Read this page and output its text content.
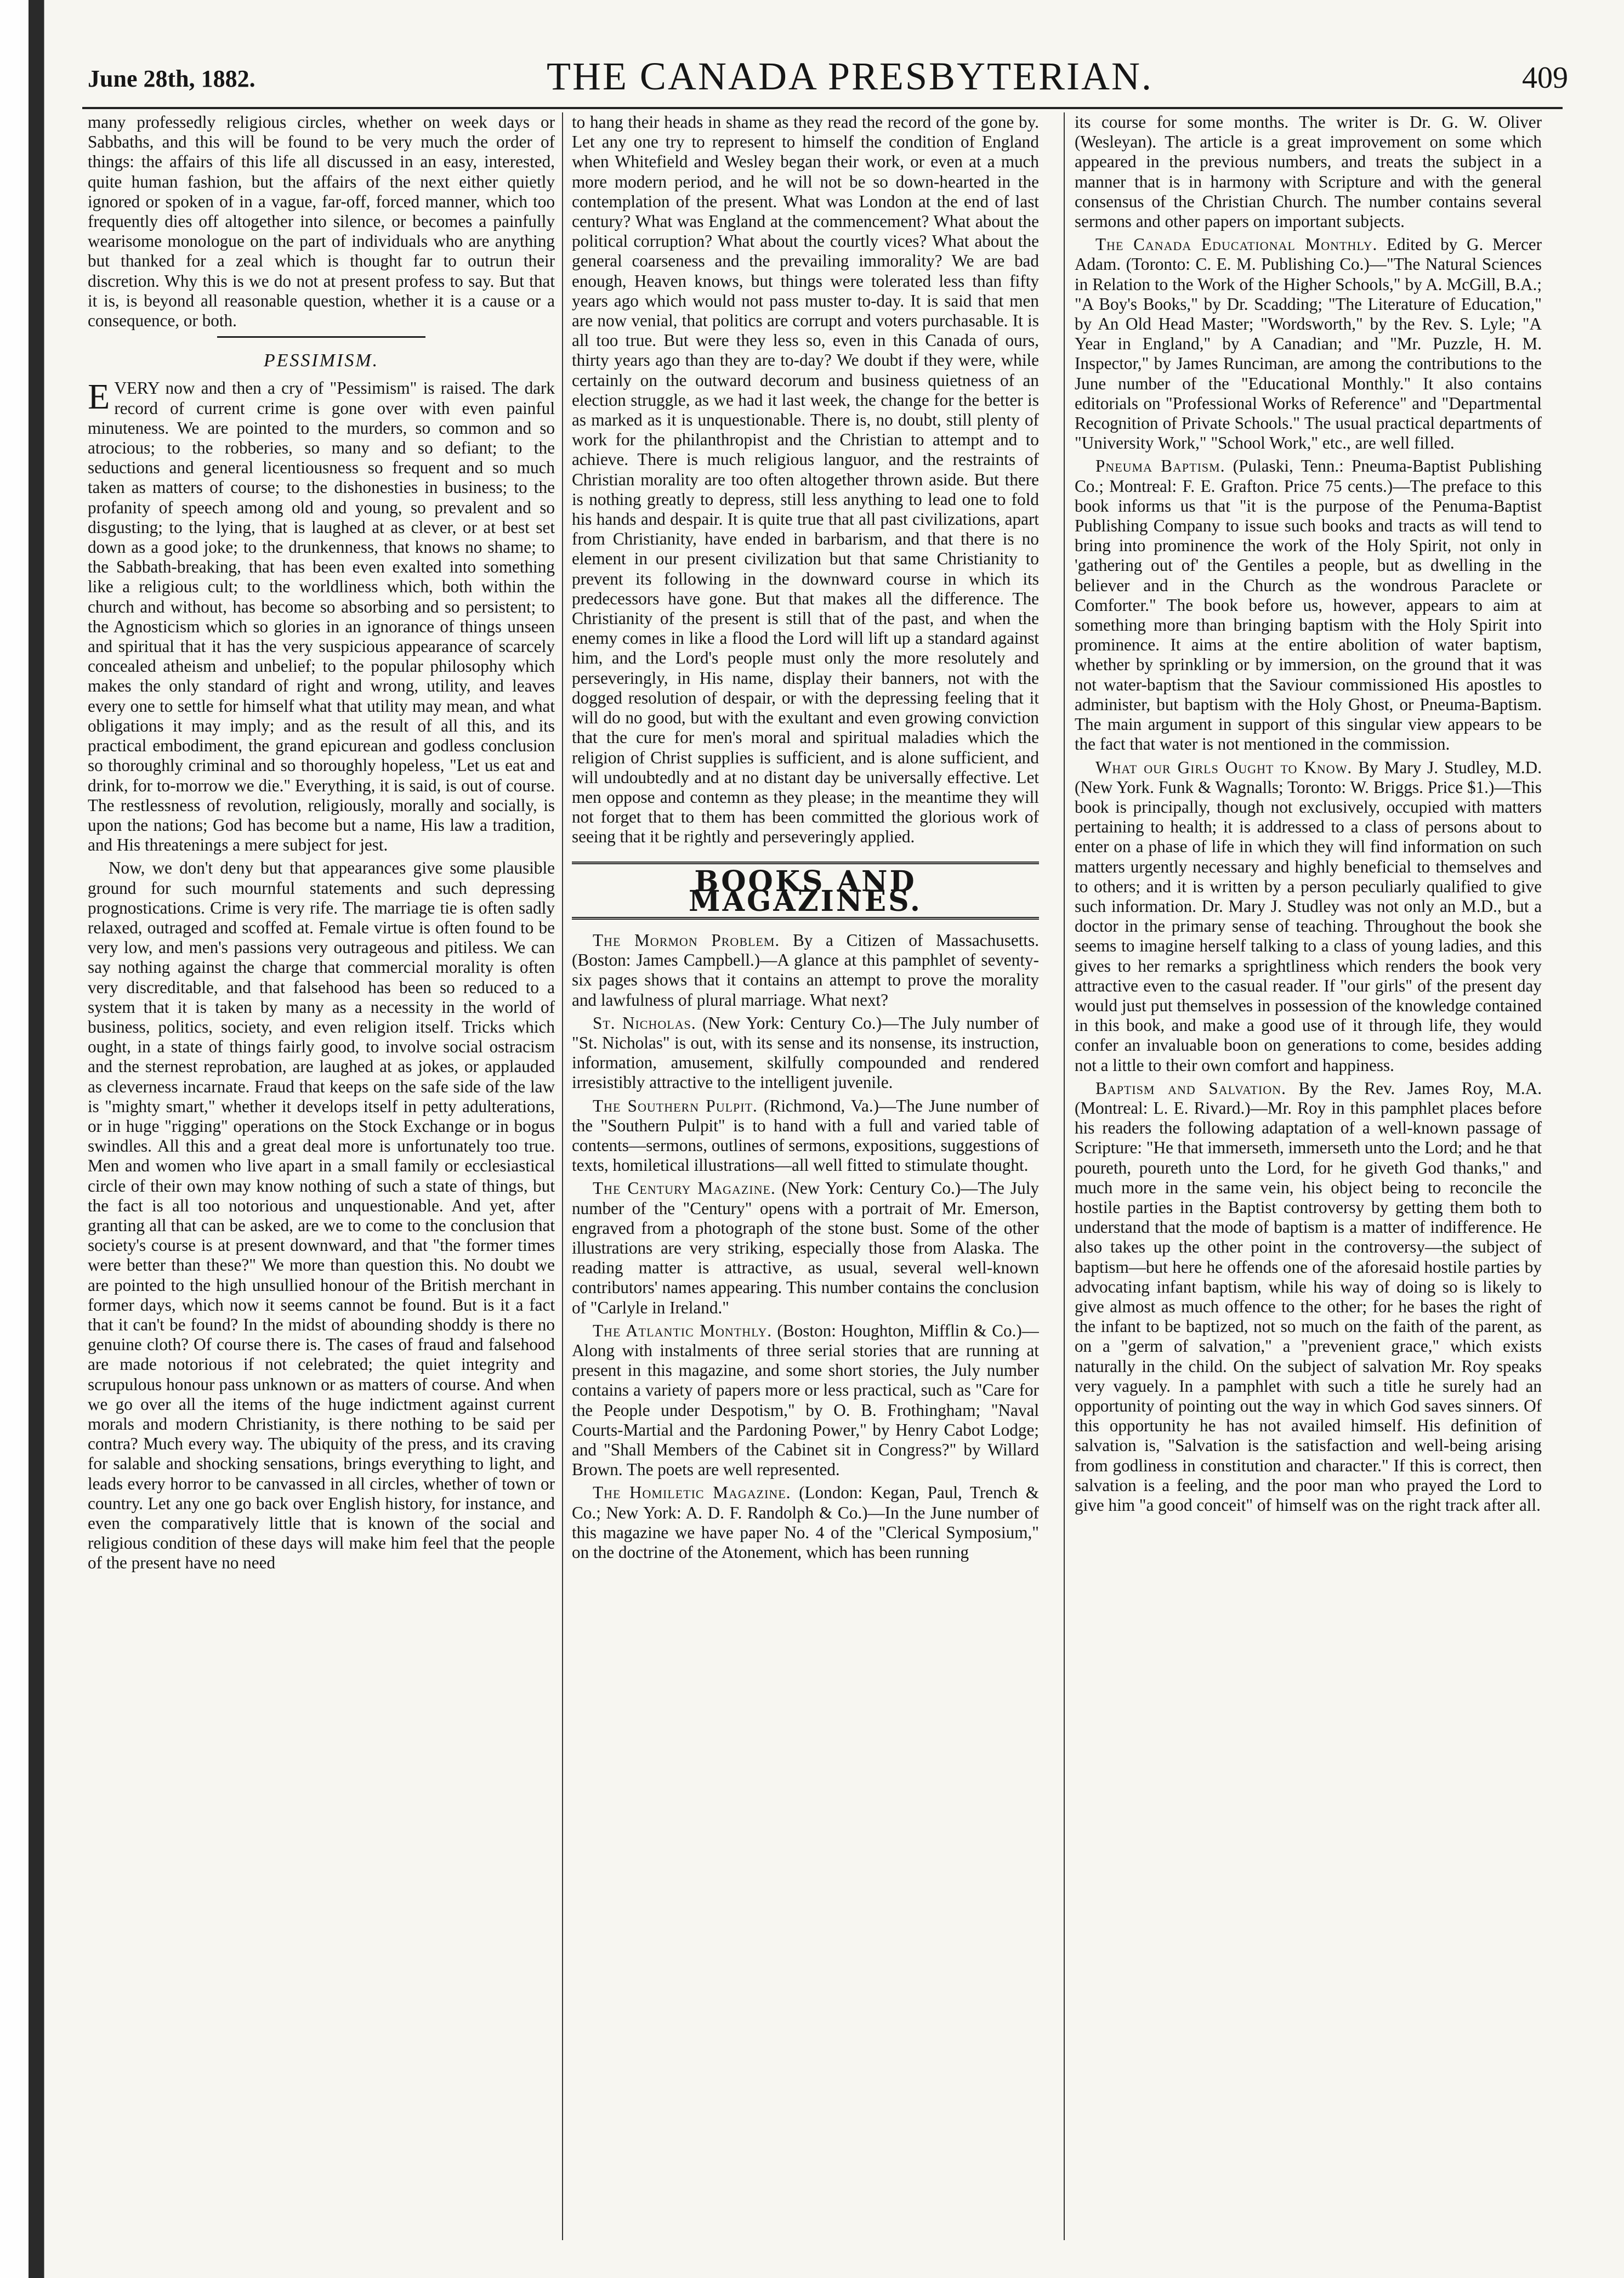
June 28th, 1882.	THE CANADA PRESBYTERIAN.	409

many professedly religious circles, whether on week days or Sabbaths, and this will be found to be very much the order of things: the affairs of this life all discussed in an easy, interested, quite human fashion, but the affairs of the next either quietly ignored or spoken of in a vague, far-off, forced manner, which too frequently dies off altogether into silence, or becomes a painfully wearisome monologue on the part of individuals who are anything but thanked for a zeal which is thought far to outrun their discretion. Why this is we do not at present profess to say. But that it is, is beyond all reasonable question, whether it is a cause or a consequence, or both.

PESSIMISM.

EVERY now and then a cry of "Pessimism" is raised. The dark record of current crime is gone over with even painful minuteness. We are pointed to the murders, so common and so atrocious; to the robberies, so many and so defiant; to the seductions and general licentiousness so frequent and so much taken as matters of course; to the dishonesties in business; to the profanity of speech among old and young, so prevalent and so disgusting; to the lying, that is laughed at as clever, or at best set down as a good joke; to the drunkenness, that knows no shame; to the Sabbath-breaking, that has been even exalted into something like a religious cult; to the worldliness which, both within the church and without, has become so absorbing and so persistent; to the Agnosticism which so glories in an ignorance of things unseen and spiritual that it has the very suspicious appearance of scarcely concealed atheism and unbelief; to the popular philosophy which makes the only standard of right and wrong, utility, and leaves every one to settle for himself what that utility may mean, and what obligations it may imply; and as the result of all this, and its practical embodiment, the grand epicurean and godless conclusion so thoroughly criminal and so thoroughly hopeless, "Let us eat and drink, for to-morrow we die." Everything, it is said, is out of course. The restlessness of revolution, religiously, morally and socially, is upon the nations; God has become but a name, His law a tradition, and His threatenings a mere subject for jest.

Now, we don't deny but that appearances give some plausible ground for such mournful statements and such depressing prognostications. Crime is very rife. The marriage tie is often sadly relaxed, outraged and scoffed at. Female virtue is often found to be very low, and men's passions very outrageous and pitiless. We can say nothing against the charge that commercial morality is often very discreditable, and that falsehood has been so reduced to a system that it is taken by many as a necessity in the world of business, politics, society, and even religion itself. Tricks which ought, in a state of things fairly good, to involve social ostracism and the sternest reprobation, are laughed at as jokes, or applauded as cleverness incarnate. Fraud that keeps on the safe side of the law is "mighty smart," whether it develops itself in petty adulterations, or in huge "rigging" operations on the Stock Exchange or in bogus swindles. All this and a great deal more is unfortunately too true. Men and women who live apart in a small family or ecclesiastical circle of their own may know nothing of such a state of things, but the fact is all too notorious and unquestionable. And yet, after granting all that can be asked, are we to come to the conclusion that society's course is at present downward, and that "the former times were better than these?" We more than question this. No doubt we are pointed to the high unsullied honour of the British merchant in former days, which now it seems cannot be found. But is it a fact that it can't be found? In the midst of abounding shoddy is there no genuine cloth? Of course there is. The cases of fraud and falsehood are made notorious if not celebrated; the quiet integrity and scrupulous honour pass unknown or as matters of course. And when we go over all the items of the huge indictment against current morals and modern Christianity, is there nothing to be said per contra? Much every way. The ubiquity of the press, and its craving for salable and shocking sensations, brings everything to light, and leads every horror to be canvassed in all circles, whether of town or country. Let any one go back over English history, for instance, and even the comparatively little that is known of the social and religious condition of these days will make him feel that the people of the present have no need

to hang their heads in shame as they read the record of the gone by. Let any one try to represent to himself the condition of England when Whitefield and Wesley began their work, or even at a much more modern period, and he will not be so down-hearted in the contemplation of the present. What was London at the end of last century? What was England at the commencement? What about the political corruption? What about the courtly vices? What about the general coarseness and the prevailing immorality? We are bad enough, Heaven knows, but things were tolerated less than fifty years ago which would not pass muster to-day. It is said that men are now venial, that politics are corrupt and voters purchasable. It is all too true. But were they less so, even in this Canada of ours, thirty years ago than they are to-day? We doubt if they were, while certainly on the outward decorum and business quietness of an election struggle, as we had it last week, the change for the better is as marked as it is unquestionable. There is, no doubt, still plenty of work for the philanthropist and the Christian to attempt and to achieve. There is much religious languor, and the restraints of Christian morality are too often altogether thrown aside. But there is nothing greatly to depress, still less anything to lead one to fold his hands and despair. It is quite true that all past civilizations, apart from Christianity, have ended in barbarism, and that there is no element in our present civilization but that same Christianity to prevent its following in the downward course in which its predecessors have gone. But that makes all the difference. The Christianity of the present is still that of the past, and when the enemy comes in like a flood the Lord will lift up a standard against him, and the Lord's people must only the more resolutely and perseveringly, in His name, display their banners, not with the dogged resolution of despair, or with the depressing feeling that it will do no good, but with the exultant and even growing conviction that the cure for men's moral and spiritual maladies which the religion of Christ supplies is sufficient, and is alone sufficient, and will undoubtedly and at no distant day be universally effective. Let men oppose and contemn as they please; in the meantime they will not forget that to them has been committed the glorious work of seeing that it be rightly and perseveringly applied.

BOOKS AND MAGAZINES.

The Mormon Problem. By a Citizen of Massachusetts. (Boston: James Campbell.)—A glance at this pamphlet of seventy-six pages shows that it contains an attempt to prove the morality and lawfulness of plural marriage. What next?

St. Nicholas. (New York: Century Co.)—The July number of "St. Nicholas" is out, with its sense and its nonsense, its instruction, information, amusement, skilfully compounded and rendered irresistibly attractive to the intelligent juvenile.

The Southern Pulpit. (Richmond, Va.)—The June number of the "Southern Pulpit" is to hand with a full and varied table of contents—sermons, outlines of sermons, expositions, suggestions of texts, homiletical illustrations—all well fitted to stimulate thought.

The Century Magazine. (New York: Century Co.)—The July number of the "Century" opens with a portrait of Mr. Emerson, engraved from a photograph of the stone bust. Some of the other illustrations are very striking, especially those from Alaska. The reading matter is attractive, as usual, several well-known contributors' names appearing. This number contains the conclusion of "Carlyle in Ireland."

The Atlantic Monthly. (Boston: Houghton, Mifflin & Co.)—Along with instalments of three serial stories that are running at present in this magazine, and some short stories, the July number contains a variety of papers more or less practical, such as "Care for the People under Despotism," by O. B. Frothingham; "Naval Courts-Martial and the Pardoning Power," by Henry Cabot Lodge; and "Shall Members of the Cabinet sit in Congress?" by Willard Brown. The poets are well represented.

The Homiletic Magazine. (London: Kegan, Paul, Trench & Co.; New York: A. D. F. Randolph & Co.)—In the June number of this magazine we have paper No. 4 of the "Clerical Symposium," on the doctrine of the Atonement, which has been running

its course for some months. The writer is Dr. G. W. Oliver (Wesleyan). The article is a great improvement on some which appeared in the previous numbers, and treats the subject in a manner that is in harmony with Scripture and with the general consensus of the Christian Church. The number contains several sermons and other papers on important subjects.

The Canada Educational Monthly. Edited by G. Mercer Adam. (Toronto: C. E. M. Publishing Co.)—"The Natural Sciences in Relation to the Work of the Higher Schools," by A. McGill, B.A.; "A Boy's Books," by Dr. Scadding; "The Literature of Education," by An Old Head Master; "Wordsworth," by the Rev. S. Lyle; "A Year in England," by A Canadian; and "Mr. Puzzle, H. M. Inspector," by James Runciman, are among the contributions to the June number of the "Educational Monthly." It also contains editorials on "Professional Works of Reference" and "Departmental Recognition of Private Schools." The usual practical departments of "University Work," "School Work," etc., are well filled.

Pneuma Baptism. (Pulaski, Tenn.: Pneuma-Baptist Publishing Co.; Montreal: F. E. Grafton. Price 75 cents.)—The preface to this book informs us that "it is the purpose of the Penuma-Baptist Publishing Company to issue such books and tracts as will tend to bring into prominence the work of the Holy Spirit, not only in 'gathering out of' the Gentiles a people, but as dwelling in the believer and in the Church as the wondrous Paraclete or Comforter." The book before us, however, appears to aim at something more than bringing baptism with the Holy Spirit into prominence. It aims at the entire abolition of water baptism, whether by sprinkling or by immersion, on the ground that it was not water-baptism that the Saviour commissioned His apostles to administer, but baptism with the Holy Ghost, or Pneuma-Baptism. The main argument in support of this singular view appears to be the fact that water is not mentioned in the commission.

What our Girls Ought to Know. By Mary J. Studley, M.D. (New York. Funk & Wagnalls; Toronto: W. Briggs. Price $1.)—This book is principally, though not exclusively, occupied with matters pertaining to health; it is addressed to a class of persons about to enter on a phase of life in which they will find information on such matters urgently necessary and highly beneficial to themselves and to others; and it is written by a person peculiarly qualified to give such information. Dr. Mary J. Studley was not only an M.D., but a doctor in the primary sense of teaching. Throughout the book she seems to imagine herself talking to a class of young ladies, and this gives to her remarks a sprightliness which renders the book very attractive even to the casual reader. If "our girls" of the present day would just put themselves in possession of the knowledge contained in this book, and make a good use of it through life, they would confer an invaluable boon on generations to come, besides adding not a little to their own comfort and happiness.

Baptism and Salvation. By the Rev. James Roy, M.A. (Montreal: L. E. Rivard.)—Mr. Roy in this pamphlet places before his readers the following adaptation of a well-known passage of Scripture: "He that immerseth, immerseth unto the Lord; and he that poureth, poureth unto the Lord, for he giveth God thanks," and much more in the same vein, his object being to reconcile the hostile parties in the Baptist controversy by getting them both to understand that the mode of baptism is a matter of indifference. He also takes up the other point in the controversy—the subject of baptism—but here he offends one of the aforesaid hostile parties by advocating infant baptism, while his way of doing so is likely to give almost as much offence to the other; for he bases the right of the infant to be baptized, not so much on the faith of the parent, as on a "germ of salvation," a "prevenient grace," which exists naturally in the child. On the subject of salvation Mr. Roy speaks very vaguely. In a pamphlet with such a title he surely had an opportunity of pointing out the way in which God saves sinners. Of this opportunity he has not availed himself. His definition of salvation is, "Salvation is the satisfaction and well-being arising from godliness in constitution and character." If this is correct, then salvation is a feeling, and the poor man who prayed the Lord to give him "a good conceit" of himself was on the right track after all.
